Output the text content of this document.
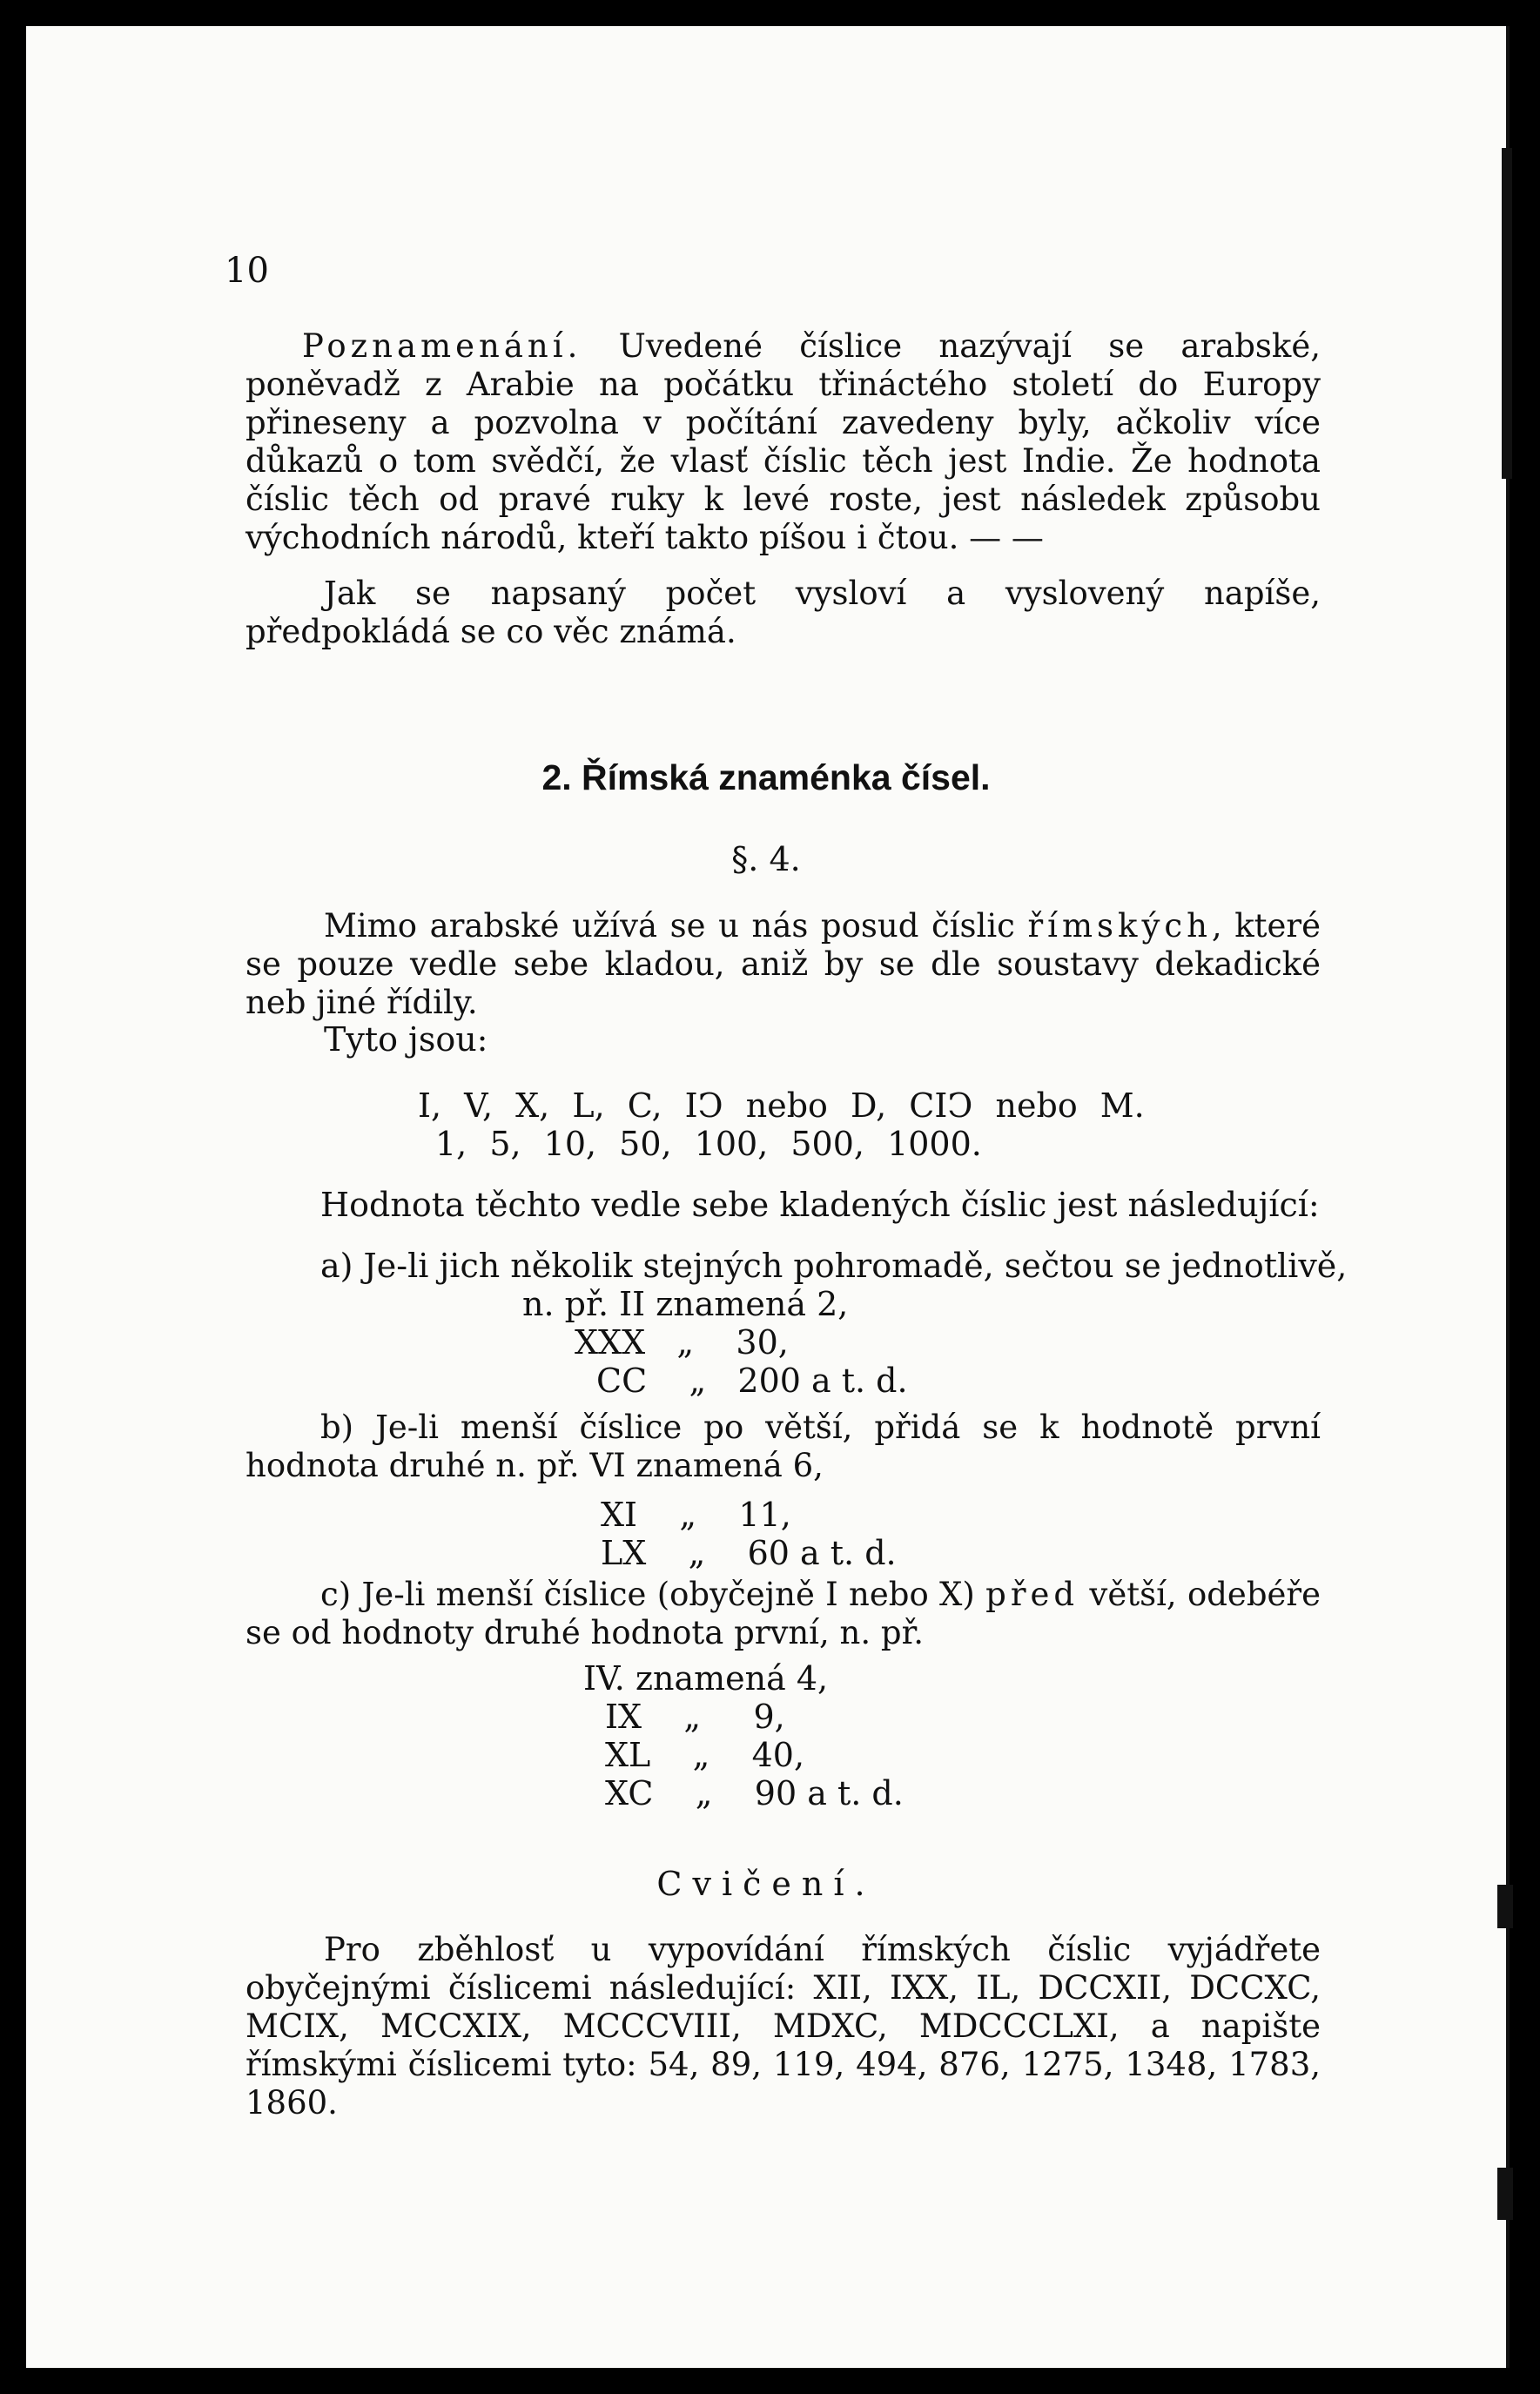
10

Poznamenání. Uvedené číslice nazývají se arabské, poněvadž z Arabie na počátku třináctého století do Europy přineseny a pozvolna v počítání zavedeny byly, ačkoliv více důkazů o tom svědčí, že vlasť číslic těch jest Indie. Že hodnota číslic těch od pravé ruky k levé roste, jest následek způsobu východních národů, kteří takto píšou i čtou. — —

Jak se napsaný počet vysloví a vyslovený napíše, předpokládá se co věc známá.

2. Římská znaménka čísel.
§. 4.

Mimo arabské užívá se u nás posud číslic římských, které se pouze vedle sebe kladou, aniž by se dle soustavy dekadické neb jiné řídily.

Tyto jsou:
I, V, X, L, C, IↃ nebo D, CIↃ nebo M.
1, 5, 10, 50, 100, 500, 1000.
Hodnota těchto vedle sebe kladených číslic jest následující:
a) Je-li jich několik stejných pohromadě, sečtou se jednotlivě,
n. př. II znamená 2,
XXX   „    30,
CC    „   200 a t. d.

b) Je-li menší číslice po větší, přidá se k hodnotě první hodnota druhé n. př. VI znamená 6,

XI    „    11,
LX    „    60 a t. d.

c) Je-li menší číslice (obyčejně I nebo X) před větší, odebéře se od hodnoty druhé hodnota první, n. př.

IV. znamená 4,
IX    „     9,
XL    „    40,
XC    „    90 a t. d.
Cvičení.

Pro zběhlosť u vypovídání římských číslic vyjádřete obyčejnými číslicemi následující: XII, IXX, IL, DCCXII, DCCXC, MCIX, MCCXIX, MCCCVIII, MDXC, MDCCCLXI, a napište římskými číslicemi tyto: 54, 89, 119, 494, 876, 1275, 1348, 1783, 1860.
